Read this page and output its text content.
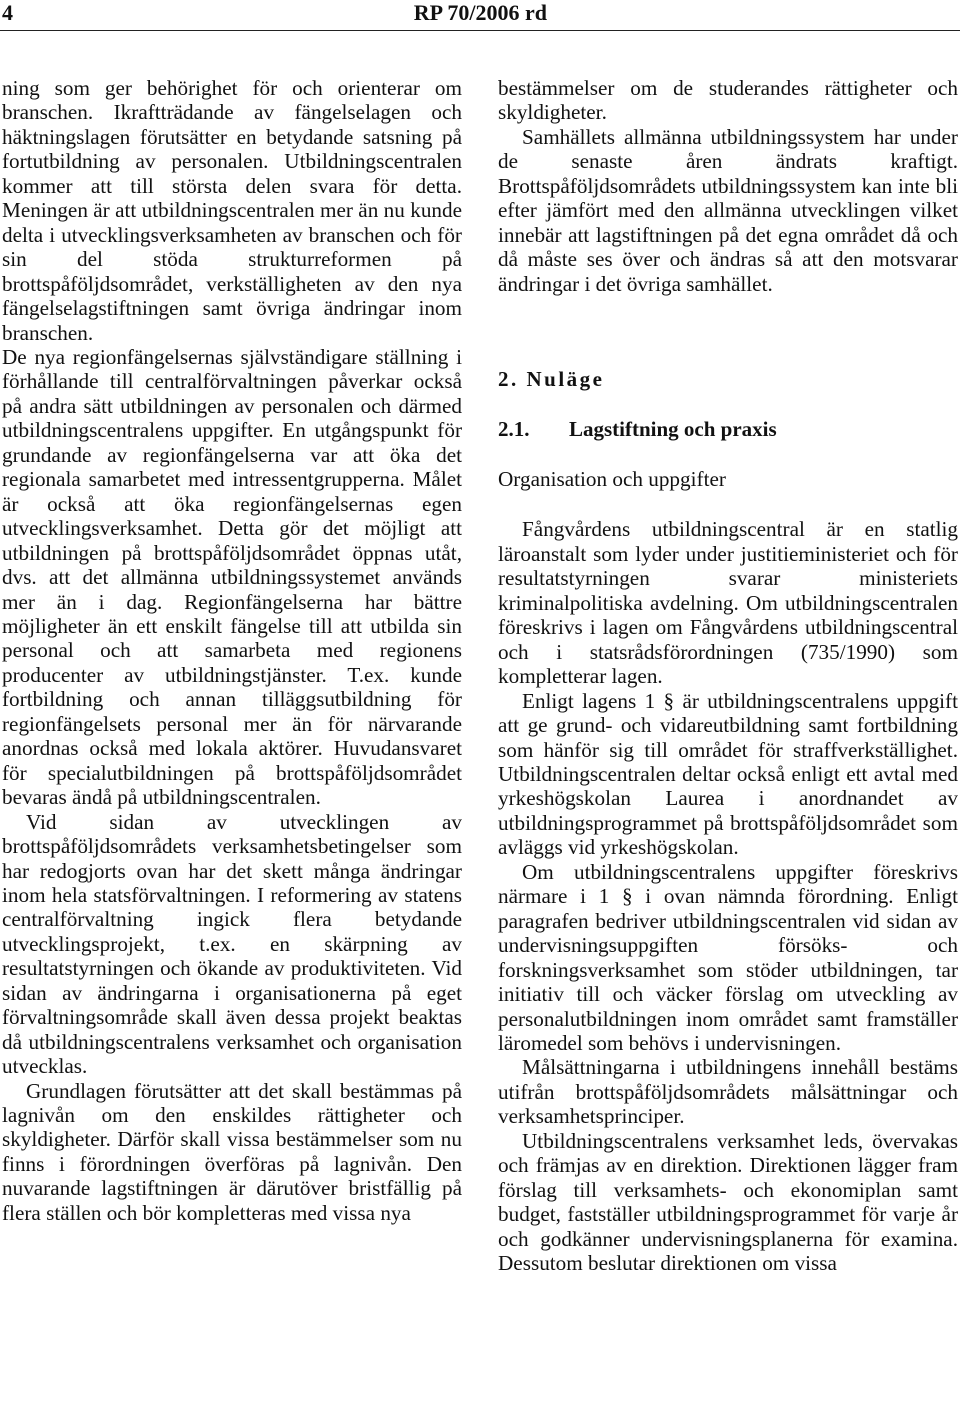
4	RP 70/2006 rd

ning som ger behörighet för och orienterar om branschen. Ikraftträdande av fängelselagen och häktningslagen förutsätter en betydande satsning på fortutbildning av personalen. Utbildningscentralen kommer att till största delen svara för detta. Meningen är att utbildningscentralen mer än nu kunde delta i utvecklingsverksamheten av branschen och för sin del stöda strukturreformen på brottspåföljdsområdet, verkställigheten av den nya fängelselagstiftningen samt övriga ändringar inom branschen.

De nya regionfängelsernas självständigare ställning i förhållande till centralförvaltningen påverkar också på andra sätt utbildningen av personalen och därmed utbildningscentralens uppgifter. En utgångspunkt för grundande av regionfängelserna var att öka det regionala samarbetet med intressentgrupperna. Målet är också att öka regionfängelsernas egen utvecklingsverksamhet. Detta gör det möjligt att utbildningen på brottspåföljdsområdet öppnas utåt, dvs. att det allmänna utbildningssystemet används mer än i dag. Regionfängelserna har bättre möjligheter än ett enskilt fängelse till att utbilda sin personal och att samarbeta med regionens producenter av utbildningstjänster. T.ex. kunde fortbildning och annan tilläggsutbildning för regionfängelsets personal mer än för närvarande anordnas också med lokala aktörer. Huvudansvaret för specialutbildningen på brottspåföljdsområdet bevaras ändå på utbildningscentralen.

Vid sidan av utvecklingen av brottspåföljdsområdets verksamhetsbetingelser som har redogjorts ovan har det skett många ändringar inom hela statsförvaltningen. I reformering av statens centralförvaltning ingick flera betydande utvecklingsprojekt, t.ex. en skärpning av resultatstyrningen och ökande av produktiviteten. Vid sidan av ändringarna i organisationerna på eget förvaltningsområde skall även dessa projekt beaktas då utbildningscentralens verksamhet och organisation utvecklas.

Grundlagen förutsätter att det skall bestämmas på lagnivån om den enskildes rättigheter och skyldigheter. Därför skall vissa bestämmelser som nu finns i förordningen överföras på lagnivån. Den nuvarande lagstiftningen är därutöver bristfällig på flera ställen och bör kompletteras med vissa nya

bestämmelser om de studerandes rättigheter och skyldigheter.

Samhällets allmänna utbildningssystem har under de senaste åren ändrats kraftigt. Brottspåföljdsområdets utbildningssystem kan inte bli efter jämfört med den allmänna utvecklingen vilket innebär att lagstiftningen på det egna området då och då måste ses över och ändras så att den motsvarar ändringar i det övriga samhället.

2. Nuläge

2.1. Lagstiftning och praxis

Organisation och uppgifter

Fångvårdens utbildningscentral är en statlig läroanstalt som lyder under justitieministeriet och för resultatstyrningen svarar ministeriets kriminalpolitiska avdelning. Om utbildningscentralen föreskrivs i lagen om Fångvårdens utbildningscentral och i statsrådsförordningen (735/1990) som kompletterar lagen.

Enligt lagens 1 § är utbildningscentralens uppgift att ge grund- och vidareutbildning samt fortbildning som hänför sig till området för straffverkställighet. Utbildningscentralen deltar också enligt ett avtal med yrkeshögskolan Laurea i anordnandet av utbildningsprogrammet på brottspåföljdsområdet som avläggs vid yrkeshögskolan.

Om utbildningscentralens uppgifter föreskrivs närmare i 1 § i ovan nämnda förordning. Enligt paragrafen bedriver utbildningscentralen vid sidan av undervisningsuppgiften försöks- och forskningsverksamhet som stöder utbildningen, tar initiativ till och väcker förslag om utveckling av personalutbildningen inom området samt framställer läromedel som behövs i undervisningen.

Målsättningarna i utbildningens innehåll bestäms utifrån brottspåföljdsområdets målsättningar och verksamhetsprinciper.

Utbildningscentralens verksamhet leds, övervakas och främjas av en direktion. Direktionen lägger fram förslag till verksamhets- och ekonomiplan samt budget, fastställer utbildningsprogrammet för varje år och godkänner undervisningsplanerna för examina. Dessutom beslutar direktionen om vissa
